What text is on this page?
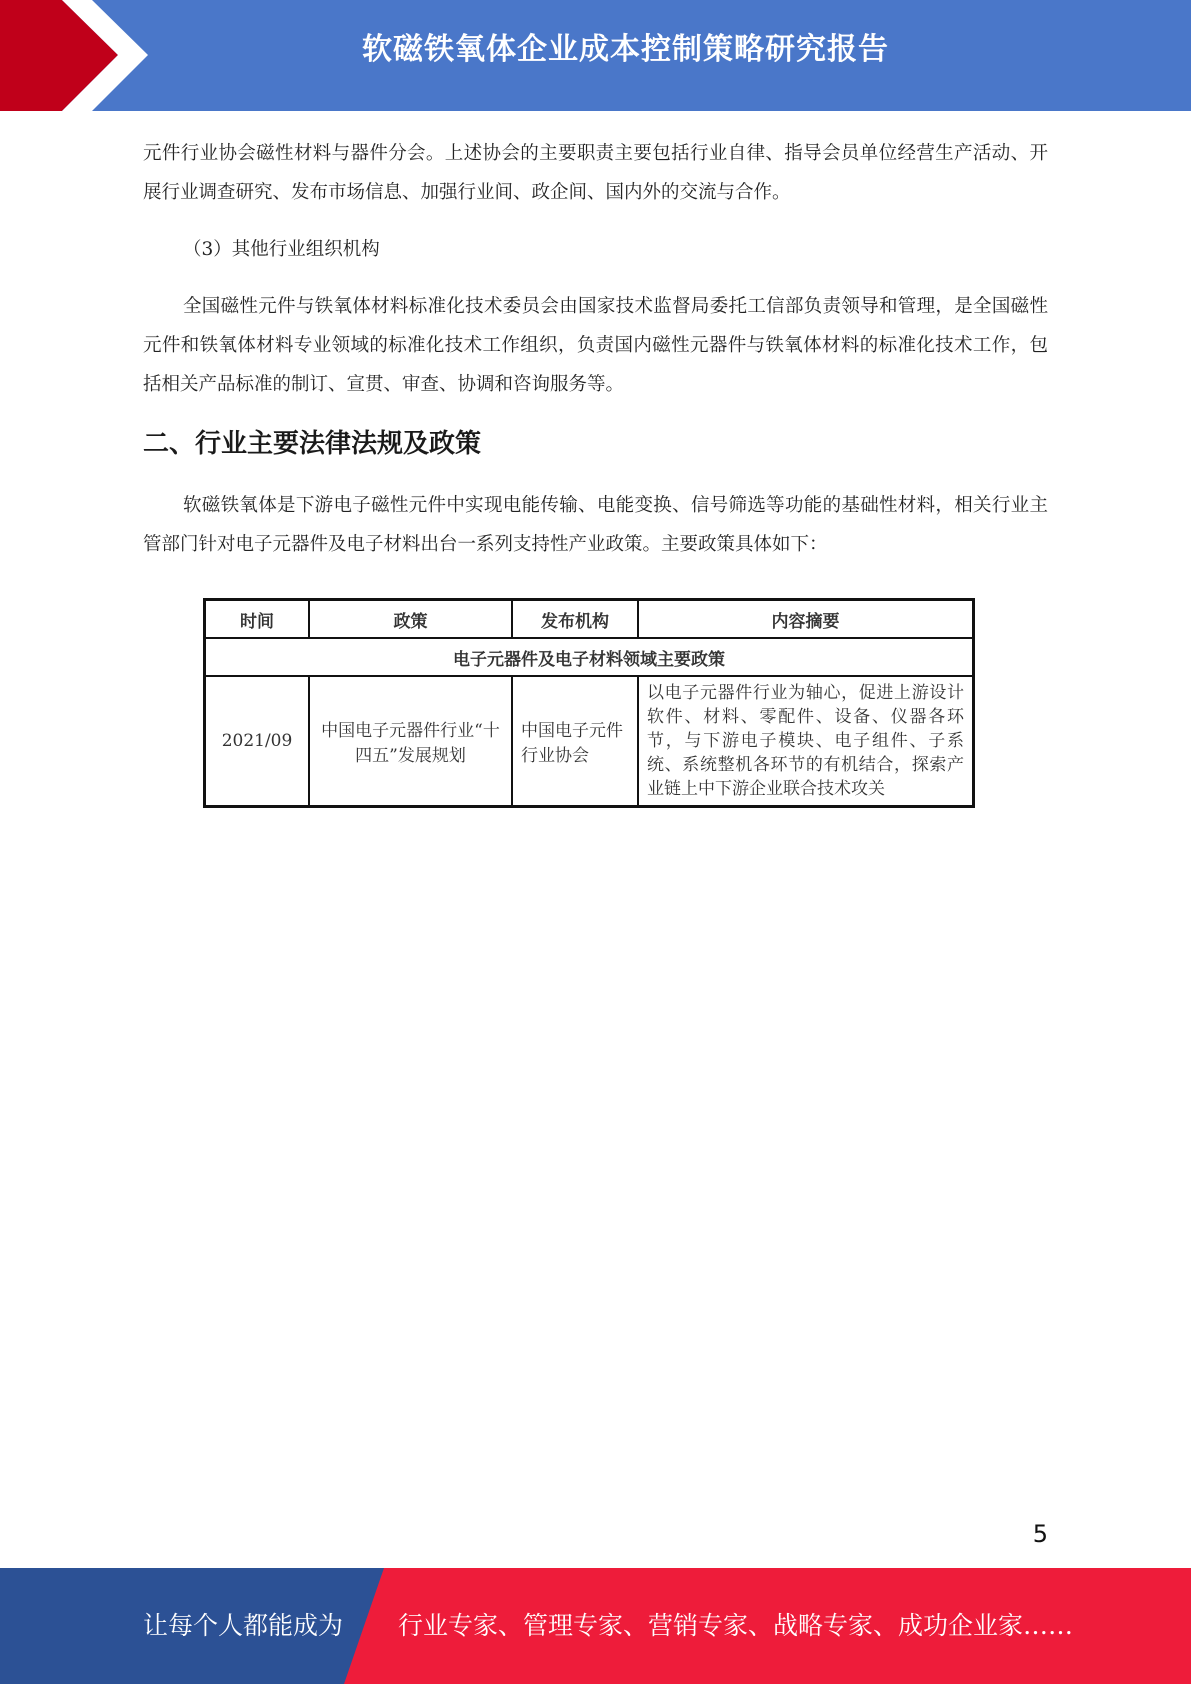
软磁铁氧体企业成本控制策略研究报告

元件行业协会磁性材料与器件分会。上述协会的主要职责主要包括行业自律、指导会员单位经营生产活动、开展行业调查研究、发布市场信息、加强行业间、政企间、国内外的交流与合作。

（3）其他行业组织机构

全国磁性元件与铁氧体材料标准化技术委员会由国家技术监督局委托工信部负责领导和管理，是全国磁性元件和铁氧体材料专业领域的标准化技术工作组织，负责国内磁性元器件与铁氧体材料的标准化技术工作，包括相关产品标准的制订、宣贯、审查、协调和咨询服务等。

二、行业主要法律法规及政策

软磁铁氧体是下游电子磁性元件中实现电能传输、电能变换、信号筛选等功能的基础性材料，相关行业主管部门针对电子元器件及电子材料出台一系列支持性产业政策。主要政策具体如下：

时间	政策	发布机构	内容摘要
电子元器件及电子材料领域主要政策			
2021/09	中国电子元器件行业“十四五”发展规划	中国电子元件行业协会	以电子元器件行业为轴心，促进上游设计软件、材料、零配件、设备、仪器各环节，与下游电子模块、电子组件、子系统、系统整机各环节的有机结合，探索产业链上中下游企业联合技术攻关
5
让每个人都能成为 行业专家、管理专家、营销专家、战略专家、成功企业家……
